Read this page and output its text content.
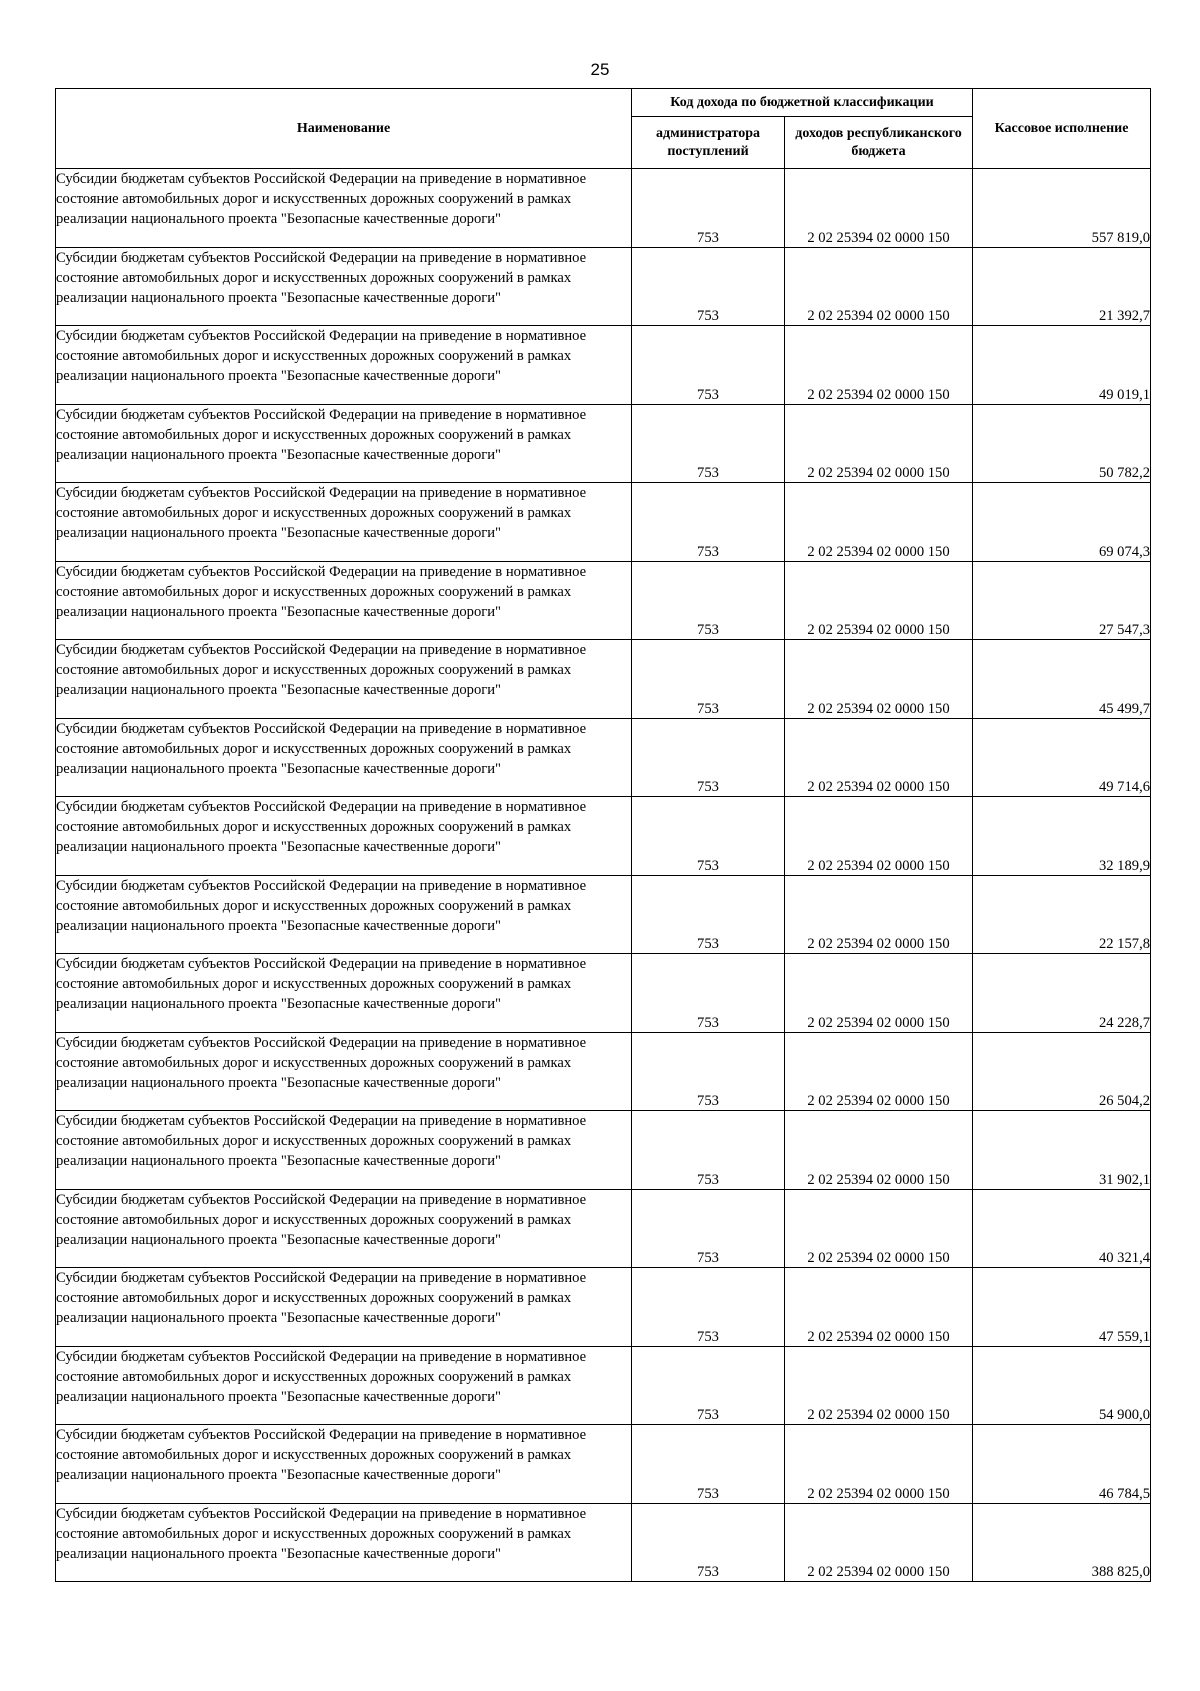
25
Наименование	Код дохода по бюджетной классификации		Кассовое исполнение
	администратора поступлений	доходов республиканского бюджета	
Субсидии бюджетам субъектов Российской Федерации на приведение в нормативное состояние автомобильных дорог и искусственных дорожных сооружений в рамках реализации национального проекта "Безопасные качественные дороги"	753	2 02 25394 02 0000 150	557 819,0
Субсидии бюджетам субъектов Российской Федерации на приведение в нормативное состояние автомобильных дорог и искусственных дорожных сооружений в рамках реализации национального проекта "Безопасные качественные дороги"	753	2 02 25394 02 0000 150	21 392,7
Субсидии бюджетам субъектов Российской Федерации на приведение в нормативное состояние автомобильных дорог и искусственных дорожных сооружений в рамках реализации национального проекта "Безопасные качественные дороги"	753	2 02 25394 02 0000 150	49 019,1
Субсидии бюджетам субъектов Российской Федерации на приведение в нормативное состояние автомобильных дорог и искусственных дорожных сооружений в рамках реализации национального проекта "Безопасные качественные дороги"	753	2 02 25394 02 0000 150	50 782,2
Субсидии бюджетам субъектов Российской Федерации на приведение в нормативное состояние автомобильных дорог и искусственных дорожных сооружений в рамках реализации национального проекта "Безопасные качественные дороги"	753	2 02 25394 02 0000 150	69 074,3
Субсидии бюджетам субъектов Российской Федерации на приведение в нормативное состояние автомобильных дорог и искусственных дорожных сооружений в рамках реализации национального проекта "Безопасные качественные дороги"	753	2 02 25394 02 0000 150	27 547,3
Субсидии бюджетам субъектов Российской Федерации на приведение в нормативное состояние автомобильных дорог и искусственных дорожных сооружений в рамках реализации национального проекта "Безопасные качественные дороги"	753	2 02 25394 02 0000 150	45 499,7
Субсидии бюджетам субъектов Российской Федерации на приведение в нормативное состояние автомобильных дорог и искусственных дорожных сооружений в рамках реализации национального проекта "Безопасные качественные дороги"	753	2 02 25394 02 0000 150	49 714,6
Субсидии бюджетам субъектов Российской Федерации на приведение в нормативное состояние автомобильных дорог и искусственных дорожных сооружений в рамках реализации национального проекта "Безопасные качественные дороги"	753	2 02 25394 02 0000 150	32 189,9
Субсидии бюджетам субъектов Российской Федерации на приведение в нормативное состояние автомобильных дорог и искусственных дорожных сооружений в рамках реализации национального проекта "Безопасные качественные дороги"	753	2 02 25394 02 0000 150	22 157,8
Субсидии бюджетам субъектов Российской Федерации на приведение в нормативное состояние автомобильных дорог и искусственных дорожных сооружений в рамках реализации национального проекта "Безопасные качественные дороги"	753	2 02 25394 02 0000 150	24 228,7
Субсидии бюджетам субъектов Российской Федерации на приведение в нормативное состояние автомобильных дорог и искусственных дорожных сооружений в рамках реализации национального проекта "Безопасные качественные дороги"	753	2 02 25394 02 0000 150	26 504,2
Субсидии бюджетам субъектов Российской Федерации на приведение в нормативное состояние автомобильных дорог и искусственных дорожных сооружений в рамках реализации национального проекта "Безопасные качественные дороги"	753	2 02 25394 02 0000 150	31 902,1
Субсидии бюджетам субъектов Российской Федерации на приведение в нормативное состояние автомобильных дорог и искусственных дорожных сооружений в рамках реализации национального проекта "Безопасные качественные дороги"	753	2 02 25394 02 0000 150	40 321,4
Субсидии бюджетам субъектов Российской Федерации на приведение в нормативное состояние автомобильных дорог и искусственных дорожных сооружений в рамках реализации национального проекта "Безопасные качественные дороги"	753	2 02 25394 02 0000 150	47 559,1
Субсидии бюджетам субъектов Российской Федерации на приведение в нормативное состояние автомобильных дорог и искусственных дорожных сооружений в рамках реализации национального проекта "Безопасные качественные дороги"	753	2 02 25394 02 0000 150	54 900,0
Субсидии бюджетам субъектов Российской Федерации на приведение в нормативное состояние автомобильных дорог и искусственных дорожных сооружений в рамках реализации национального проекта "Безопасные качественные дороги"	753	2 02 25394 02 0000 150	46 784,5
Субсидии бюджетам субъектов Российской Федерации на приведение в нормативное состояние автомобильных дорог и искусственных дорожных сооружений в рамках реализации национального проекта "Безопасные качественные дороги"	753	2 02 25394 02 0000 150	388 825,0
